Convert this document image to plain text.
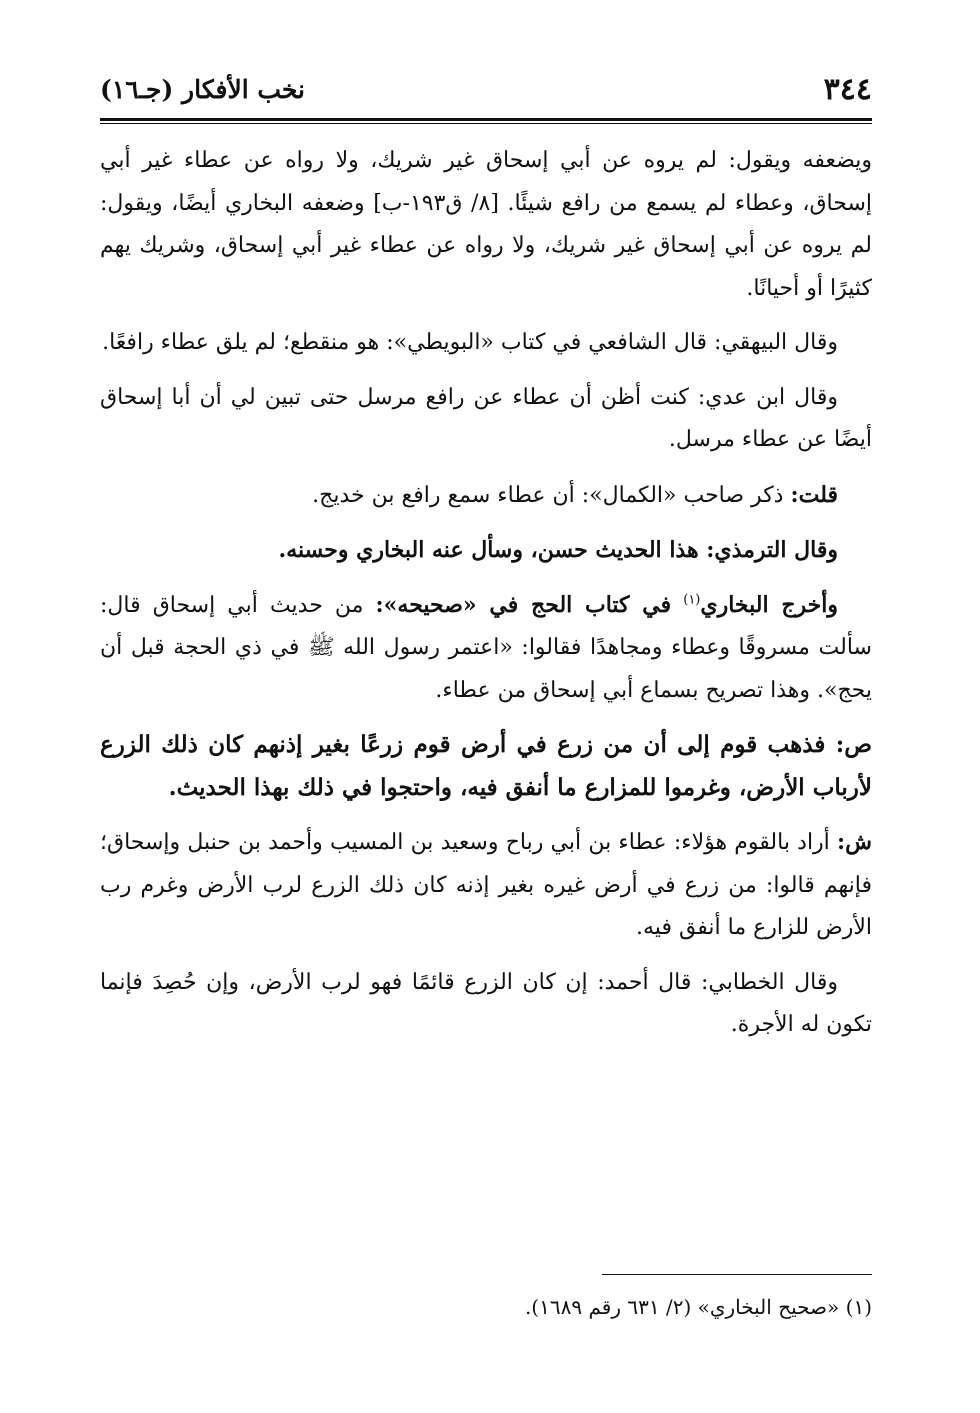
٣٤٤
نخب الأفكار (جـ١٦)

ويضعفه ويقول: لم يروه عن أبي إسحاق غير شريك، ولا رواه عن عطاء غير أبي إسحاق، وعطاء لم يسمع من رافع شيئًا. [٨/ ق١٩٣-ب] وضعفه البخاري أيضًا، ويقول: لم يروه عن أبي إسحاق غير شريك، ولا رواه عن عطاء غير أبي إسحاق، وشريك يهم كثيرًا أو أحيانًا.

وقال البيهقي: قال الشافعي في كتاب «البويطي»: هو منقطع؛ لم يلق عطاء رافعًا.

وقال ابن عدي: كنت أظن أن عطاء عن رافع مرسل حتى تبين لي أن أبا إسحاق أيضًا عن عطاء مرسل.

قلت: ذكر صاحب «الكمال»: أن عطاء سمع رافع بن خديج.

وقال الترمذي: هذا الحديث حسن، وسأل عنه البخاري وحسنه.

وأخرج البخاري$^{(١)}$ في كتاب الحج في «صحيحه»: من حديث أبي إسحاق قال: سألت مسروقًا وعطاء ومجاهدًا فقالوا: «اعتمر رسول الله ﷺ في ذي الحجة قبل أن يحج». وهذا تصريح بسماع أبي إسحاق من عطاء.

ص: فذهب قوم إلى أن من زرع في أرض قوم زرعًا بغير إذنهم كان ذلك الزرع لأرباب الأرض، وغرموا للمزارع ما أنفق فيه، واحتجوا في ذلك بهذا الحديث.

ش: أراد بالقوم هؤلاء: عطاء بن أبي رباح وسعيد بن المسيب وأحمد بن حنبل وإسحاق؛ فإنهم قالوا: من زرع في أرض غيره بغير إذنه كان ذلك الزرع لرب الأرض وغرم رب الأرض للزارع ما أنفق فيه.

وقال الخطابي: قال أحمد: إن كان الزرع قائمًا فهو لرب الأرض، وإن حُصِدَ فإنما تكون له الأجرة.

(١) «صحيح البخاري» (٢/ ٦٣١ رقم ١٦٨٩).
